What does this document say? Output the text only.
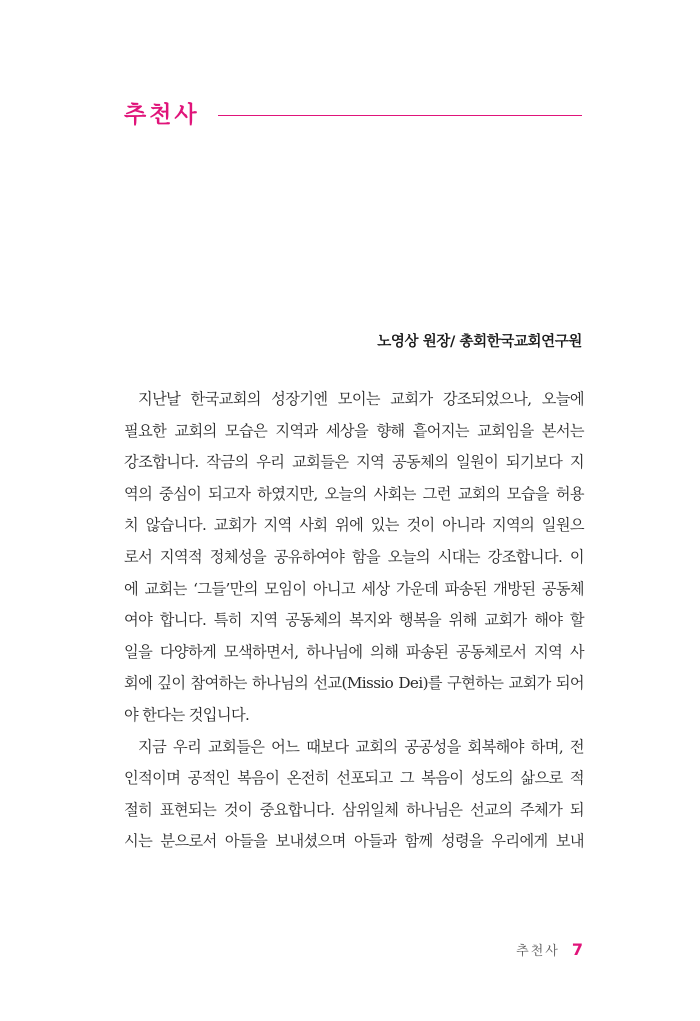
추천사
노영상 원장/ 총회한국교회연구원
지난날 한국교회의 성장기엔 모이는 교회가 강조되었으나, 오늘에
필요한 교회의 모습은 지역과 세상을 향해 흩어지는 교회임을 본서는
강조합니다. 작금의 우리 교회들은 지역 공동체의 일원이 되기보다 지
역의 중심이 되고자 하였지만, 오늘의 사회는 그런 교회의 모습을 허용
치 않습니다. 교회가 지역 사회 위에 있는 것이 아니라 지역의 일원으
로서 지역적 정체성을 공유하여야 함을 오늘의 시대는 강조합니다. 이
에 교회는 ‘그들’만의 모임이 아니고 세상 가운데 파송된 개방된 공동체
여야 합니다. 특히 지역 공동체의 복지와 행복을 위해 교회가 해야 할
일을 다양하게 모색하면서, 하나님에 의해 파송된 공동체로서 지역 사
회에 깊이 참여하는 하나님의 선교(Missio Dei)를 구현하는 교회가 되어
야 한다는 것입니다.
지금 우리 교회들은 어느 때보다 교회의 공공성을 회복해야 하며, 전
인적이며 공적인 복음이 온전히 선포되고 그 복음이 성도의 삶으로 적
절히 표현되는 것이 중요합니다. 삼위일체 하나님은 선교의 주체가 되
시는 분으로서 아들을 보내셨으며 아들과 함께 성령을 우리에게 보내
추천사 7
